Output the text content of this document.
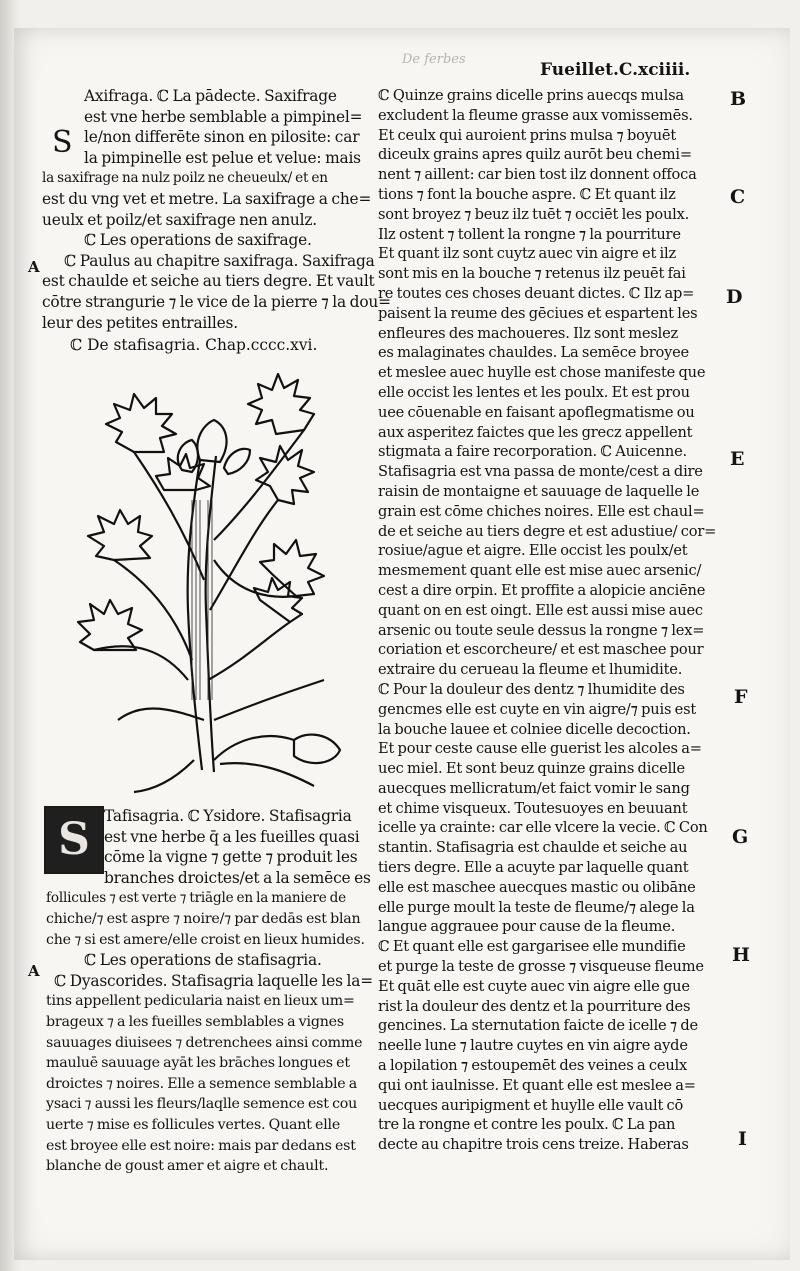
De ferbes
Fueillet.C.xciiii.

Axifraga. ℂ La pādecte. Saxifrage

est vne herbe semblable a pimpinel=

le/non differēte sinon en pilosite: car

la pimpinelle est pelue et velue: mais

la saxifrage na nulz poilz ne cheueulx/ et en

est du vng vet et metre. La saxifrage a che=

ueulx et poilz/et saxifrage nen anulz.

ℂ Les operations de saxifrage.

ℂ Paulus au chapitre saxifraga. Saxifraga

est chaulde et seiche au tiers degre. Et vault

cōtre strangurie ⁊ le vice de la pierre ⁊ la dou=

leur des petites entrailles.

S
ℂ De stafisagria. Chap.cccc.xvi.
S Tafisagria. ℂ Ysidore. Stafisagria

est vne herbe q̄ a les fueilles quasi

cōme la vigne ⁊ gette ⁊ produit les

branches droictes/et a la semēce es

follicules ⁊ est verte ⁊ triāgle en la maniere de

chiche/⁊ est aspre ⁊ noire/⁊ par dedās est blan

che ⁊ si est amere/elle croist en lieux humides.

ℂ Les operations de stafisagria.

ℂ Dyascorides. Stafisagria laquelle les la=

tins appellent pedicularia naist en lieux um=

brageux ⁊ a les fueilles semblables a vignes

sauuages diuisees ⁊ detrenchees ainsi comme

mauluē sauuage ayāt les brāches longues et

droictes ⁊ noires. Elle a semence semblable a

ysaci ⁊ aussi les fleurs/laqlle semence est cou

uerte ⁊ mise es follicules vertes. Quant elle

est broyee elle est noire: mais par dedans est

blanche de goust amer et aigre et chault.

ℂ Quinze grains dicelle prins auecqs mulsa

excludent la fleume grasse aux vomissemēs.

Et ceulx qui auroient prins mulsa ⁊ boyuēt

diceulx grains apres quilz aurōt beu chemi=

nent ⁊ aillent: car bien tost ilz donnent offoca

tions ⁊ font la bouche aspre. ℂ Et quant ilz

sont broyez ⁊ beuz ilz tuēt ⁊ occiēt les poulx.

Ilz ostent ⁊ tollent la rongne ⁊ la pourriture

Et quant ilz sont cuytz auec vin aigre et ilz

sont mis en la bouche ⁊ retenus ilz peuēt fai

re toutes ces choses deuant dictes. ℂ Ilz ap=

paisent la reume des gēciues et espartent les

enfleures des machoueres. Ilz sont meslez

es malaginates chauldes. La semēce broyee

et meslee auec huylle est chose manifeste que

elle occist les lentes et les poulx. Et est prou

uee cōuenable en faisant apoflegmatisme ou

aux asperitez faictes que les grecz appellent

stigmata a faire recorporation. ℂ Auicenne.

Stafisagria est vna passa de monte/cest a dire

raisin de montaigne et sauuage de laquelle le

grain est cōme chiches noires. Elle est chaul=

de et seiche au tiers degre et est adustiue/ cor=

rosiue/ague et aigre. Elle occist les poulx/et

mesmement quant elle est mise auec arsenic/

cest a dire orpin. Et proffite a alopicie anciēne

quant on en est oingt. Elle est aussi mise auec

arsenic ou toute seule dessus la rongne ⁊ lex=

coriation et escorcheure/ et est maschee pour

extraire du cerueau la fleume et lhumidite.

ℂ Pour la douleur des dentz ⁊ lhumidite des

gencmes elle est cuyte en vin aigre/⁊ puis est

la bouche lauee et colniee dicelle decoction.

Et pour ceste cause elle guerist les alcoles a=

uec miel. Et sont beuz quinze grains dicelle

auecques mellicratum/et faict vomir le sang

et chime visqueux. Toutesuoyes en beuuant

icelle ya crainte: car elle vlcere la vecie. ℂ Con

stantin. Stafisagria est chaulde et seiche au

tiers degre. Elle a acuyte par laquelle quant

elle est maschee auecques mastic ou olibāne

elle purge moult la teste de fleume/⁊ alege la

langue aggrauee pour cause de la fleume.

ℂ Et quant elle est gargarisee elle mundifie

et purge la teste de grosse ⁊ visqueuse fleume

Et quāt elle est cuyte auec vin aigre elle gue

rist la douleur des dentz et la pourriture des

gencines. La sternutation faicte de icelle ⁊ de

neelle lune ⁊ lautre cuytes en vin aigre ayde

a lopilation ⁊ estoupemēt des veines a ceulx

qui ont iaulnisse. Et quant elle est meslee a=

uecques auripigment et huylle elle vault cō

tre la rongne et contre les poulx. ℂ La pan

decte au chapitre trois cens treize. Haberas

B
C
D
E
F
G
H
I
A
A
